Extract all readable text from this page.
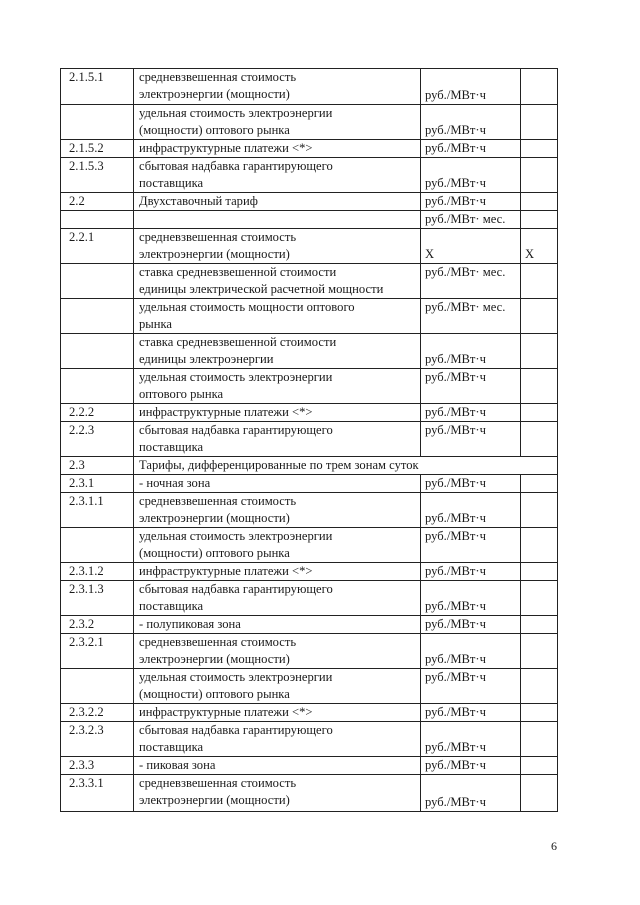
2.1.5.1	средневзвешенная стоимость
электроэнергии (мощности)	руб./МВт·ч	
	удельная стоимость электроэнергии
(мощности) оптового рынка	руб./МВт·ч	
2.1.5.2	инфраструктурные платежи <*>	руб./МВт·ч	
2.1.5.3	сбытовая надбавка гарантирующего
поставщика	руб./МВт·ч	
2.2	Двухставочный тариф	руб./МВт·ч	
		руб./МВт· мес.	
2.2.1	средневзвешенная стоимость
электроэнергии (мощности)	X	X
	ставка средневзвешенной стоимости
единицы электрической расчетной мощности	руб./МВт· мес.	
	удельная стоимость мощности оптового
рынка	руб./МВт· мес.	
	ставка средневзвешенной стоимости
единицы электроэнергии	руб./МВт·ч	
	удельная стоимость электроэнергии
оптового рынка	руб./МВт·ч	
2.2.2	инфраструктурные платежи <*>	руб./МВт·ч	
2.2.3	сбытовая надбавка гарантирующего
поставщика	руб./МВт·ч	
2.3	Тарифы, дифференцированные по трем зонам суток		
2.3.1	- ночная зона	руб./МВт·ч	
2.3.1.1	средневзвешенная стоимость
электроэнергии (мощности)	руб./МВт·ч	
	удельная стоимость электроэнергии
(мощности) оптового рынка	руб./МВт·ч	
2.3.1.2	инфраструктурные платежи <*>	руб./МВт·ч	
2.3.1.3	сбытовая надбавка гарантирующего
поставщика	руб./МВт·ч	
2.3.2	- полупиковая зона	руб./МВт·ч	
2.3.2.1	средневзвешенная стоимость
электроэнергии (мощности)	руб./МВт·ч	
	удельная стоимость электроэнергии
(мощности) оптового рынка	руб./МВт·ч	
2.3.2.2	инфраструктурные платежи <*>	руб./МВт·ч	
2.3.2.3	сбытовая надбавка гарантирующего
поставщика	руб./МВт·ч	
2.3.3	- пиковая зона	руб./МВт·ч	
2.3.3.1	средневзвешенная стоимость
электроэнергии (мощности)	руб./МВт·ч	
6
